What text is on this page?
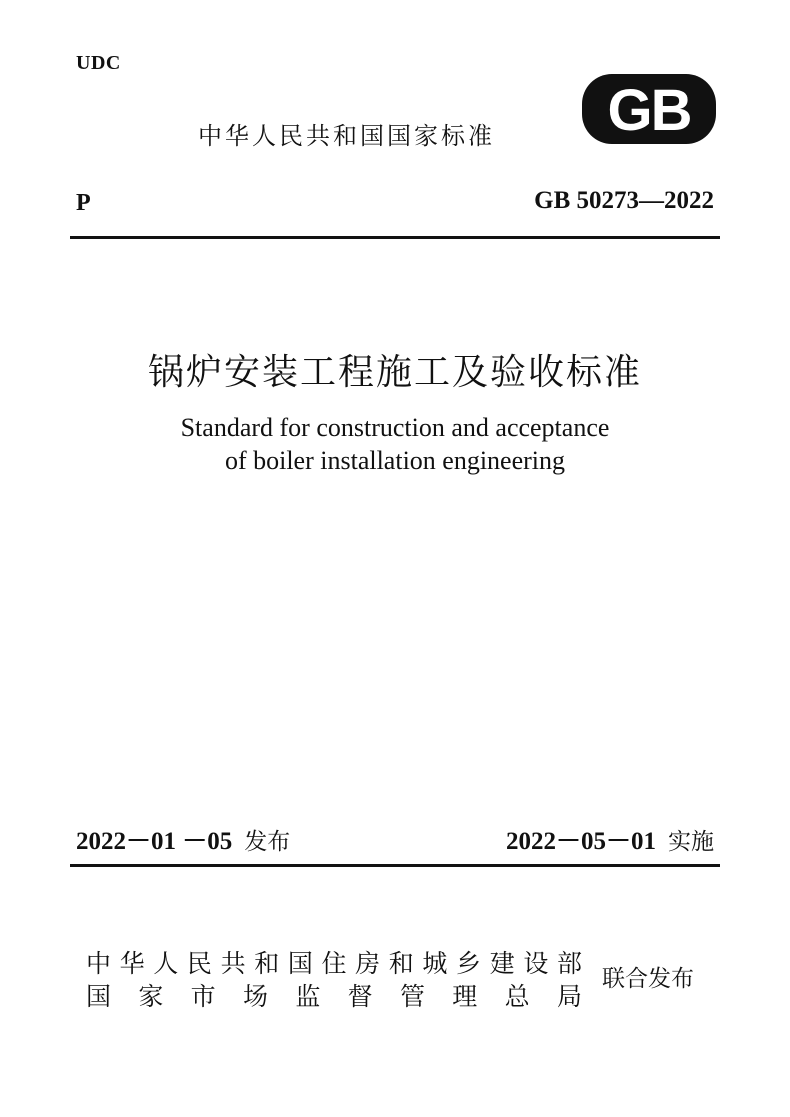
UDC
中华人民共和国国家标准 GB
P	GB 50273—2022
锅炉安装工程施工及验收标准
Standard for construction and acceptance
of boiler installation engineering
2022－01 －05 发布	2022－05－01 实施
中 华 人 民 共 和 国 住 房 和 城 乡 建 设 部
国 家 市 场 监 督 管 理 总 局
联合发布
